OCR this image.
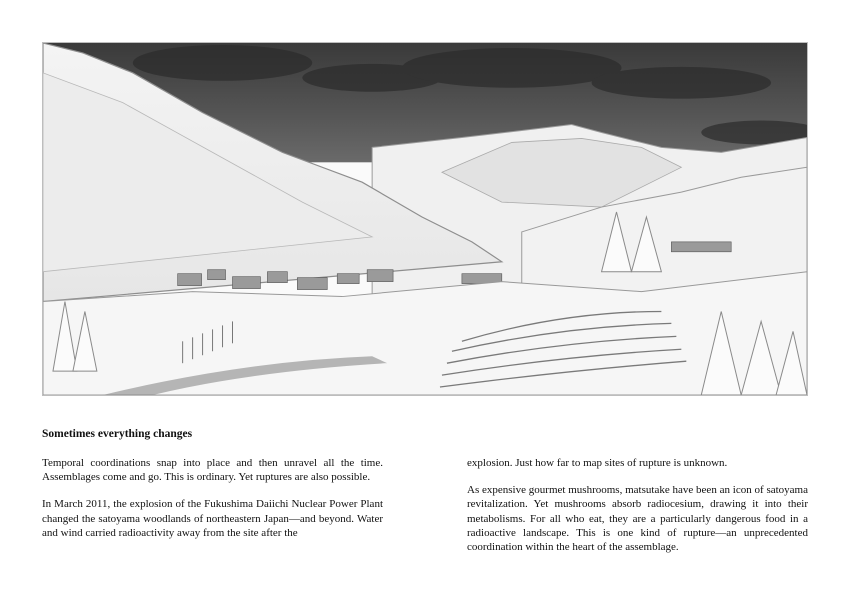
Sometimes everything changes

Temporal coordinations snap into place and then unravel all the time. Assemblages come and go. This is ordinary. Yet ruptures are also possible.

In March 2011, the explosion of the Fukushima Daiichi Nuclear Power Plant changed the satoyama woodlands of northeastern Japan—and beyond. Water and wind carried radioactivity away from the site after the

explosion. Just how far to map sites of rupture is unknown.

As expensive gourmet mushrooms, matsutake have been an icon of satoyama revitalization. Yet mushrooms absorb radiocesium, drawing it into their metabolisms. For all who eat, they are a particularly dangerous food in a radioactive landscape. This is one kind of rupture—an unprecedented coordination within the heart of the assemblage.
